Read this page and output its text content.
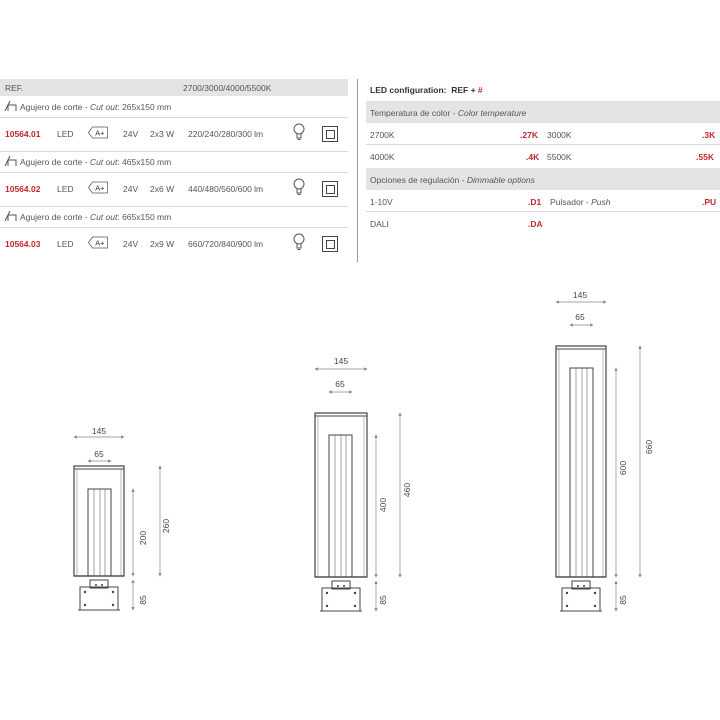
REF.	2700/3000/4000/5500K
Agujero de corte - Cut out: 265x150 mm
10564.01 LED	A+ 24V 2x3 W 220/240/280/300 lm
Agujero de corte - Cut out: 465x150 mm
10564.02 LED	A+ 24V 2x6 W 440/480/560/600 lm
Agujero de corte - Cut out: 665x150 mm
10564.03 LED	A+ 24V 2x9 W 660/720/840/900 lm
LED configuration: REF + #
Temperatura de color - Color temperature
2700K	.27K 3000K	.3K
4000K	.4K 5500K	.55K
Opciones de regulación - Dimmable options
1-10V	.D1 Pulsador - Push	.PU
DALI	.DA
145
65
200
260
85
145
65
400
460
85
145
65
600
660
85
